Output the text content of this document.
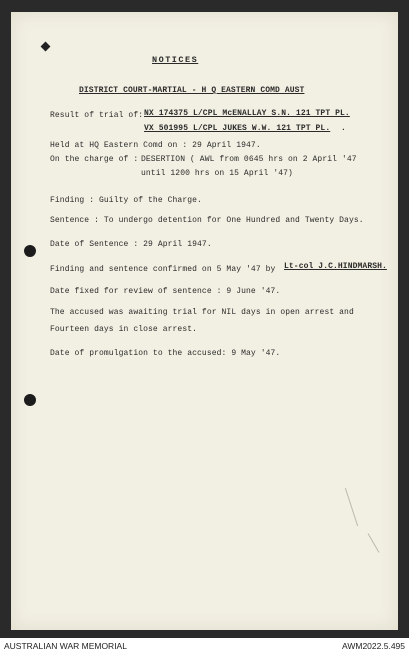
NOTICES
DISTRICT COURT-MARTIAL - H Q EASTERN COMD AUST
Result of trial of: NX 174375 L/CPL McENALLAY S.N. 121 TPT PL.
VX 501995 L/CPL JUKES W.W. 121 TPT PL. .
Held at HQ Eastern Comd on : 29 April 1947.
On the charge of : DESERTION ( AWL from 0645 hrs on 2 April '47
until 1200 hrs on 15 April '47)
Finding : Guilty of the Charge.
Sentence : To undergo detention for One Hundred and Twenty Days.
Date of Sentence : 29 April 1947.
Finding and sentence confirmed on 5 May '47 by Lt-col J.C.HINDMARSH.
Date fixed for review of sentence : 9 June '47.
The accused was awaiting trial for NIL days in open arrest and
Fourteen days in close arrest.
Date of promulgation to the accused: 9 May '47.
AUSTRALIAN WAR MEMORIAL	AWM2022.5.495
